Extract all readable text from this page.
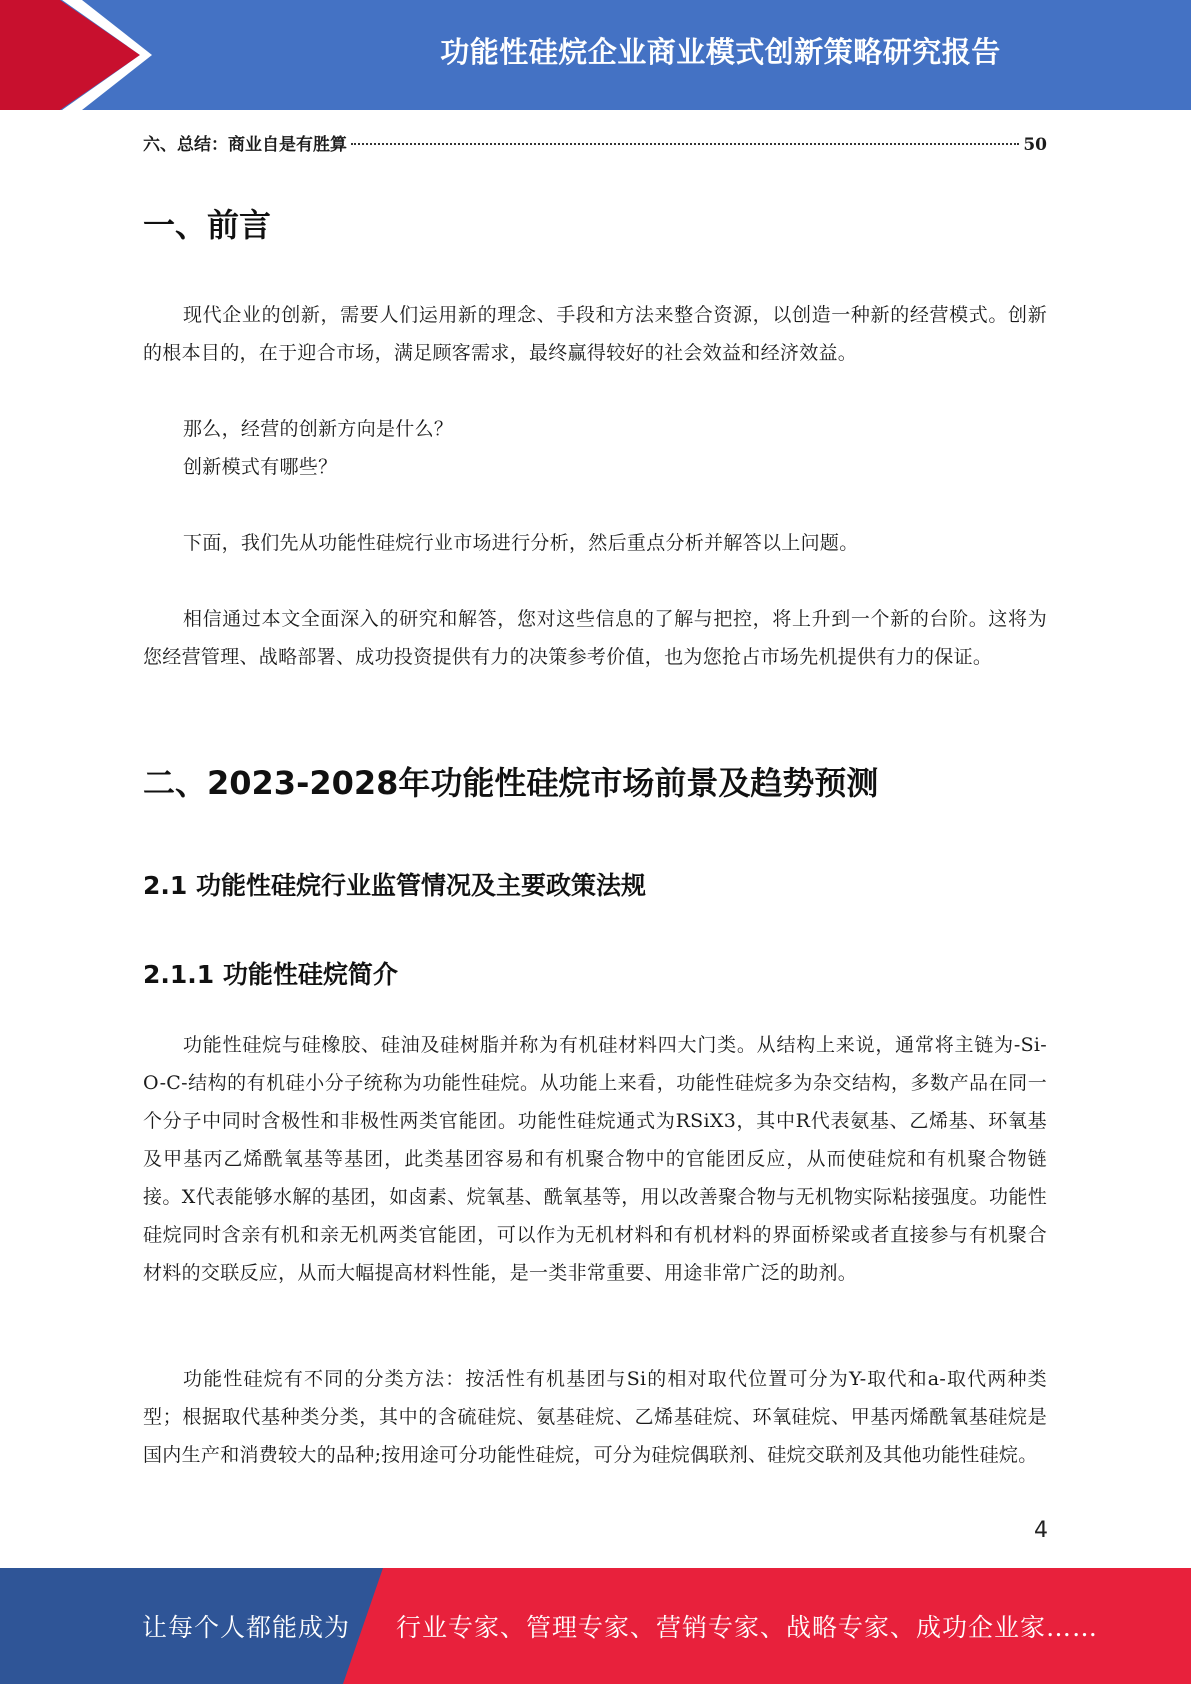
功能性硅烷企业商业模式创新策略研究报告
六、总结：商业自是有胜算	50
一、前言

现代企业的创新，需要人们运用新的理念、手段和方法来整合资源，以创造一种新的经营模式。创新的根本目的，在于迎合市场，满足顾客需求，最终赢得较好的社会效益和经济效益。

那么，经营的创新方向是什么？

创新模式有哪些？

下面，我们先从功能性硅烷行业市场进行分析，然后重点分析并解答以上问题。

相信通过本文全面深入的研究和解答，您对这些信息的了解与把控，将上升到一个新的台阶。这将为您经营管理、战略部署、成功投资提供有力的决策参考价值，也为您抢占市场先机提供有力的保证。

二、2023-2028年功能性硅烷市场前景及趋势预测
2.1 功能性硅烷行业监管情况及主要政策法规
2.1.1 功能性硅烷简介

功能性硅烷与硅橡胶、硅油及硅树脂并称为有机硅材料四大门类。从结构上来说，通常将主链为-Si-O-C-结构的有机硅小分子统称为功能性硅烷。从功能上来看，功能性硅烷多为杂交结构，多数产品在同一个分子中同时含极性和非极性两类官能团。功能性硅烷通式为RSiX3，其中R代表氨基、乙烯基、环氧基及甲基丙乙烯酰氧基等基团，此类基团容易和有机聚合物中的官能团反应，从而使硅烷和有机聚合物链接。X代表能够水解的基团，如卤素、烷氧基、酰氧基等，用以改善聚合物与无机物实际粘接强度。功能性硅烷同时含亲有机和亲无机两类官能团，可以作为无机材料和有机材料的界面桥梁或者直接参与有机聚合材料的交联反应，从而大幅提高材料性能，是一类非常重要、用途非常广泛的助剂。

功能性硅烷有不同的分类方法：按活性有机基团与Si的相对取代位置可分为Y-取代和a-取代两种类型；根据取代基种类分类，其中的含硫硅烷、氨基硅烷、乙烯基硅烷、环氧硅烷、甲基丙烯酰氧基硅烷是国内生产和消费较大的品种;按用途可分功能性硅烷，可分为硅烷偶联剂、硅烷交联剂及其他功能性硅烷。

4
让每个人都能成为 行业专家、管理专家、营销专家、战略专家、成功企业家……
